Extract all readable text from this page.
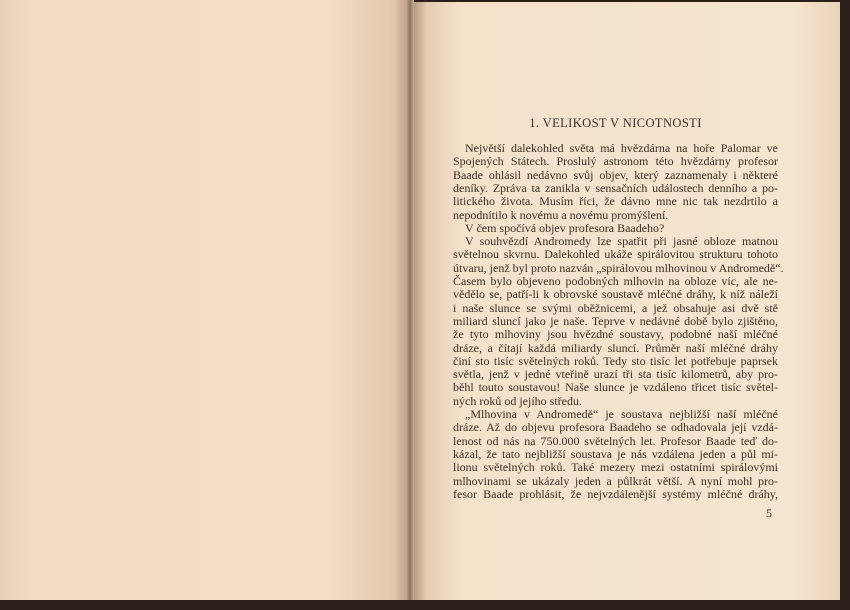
1. VELIKOST V NICOTNOSTI
Největší dalekohled světa má hvězdárna na hoře Palomar ve
Spojených Státech. Proslulý astronom této hvězdárny profesor
Baade ohlásil nedávno svůj objev, který zaznamenaly i některé
deníky. Zpráva ta zanikla v sensačních událostech denního a po-
litického života. Musím říci, že dávno mne nic tak nezdrtilo a
nepodnítilo k novému a novému promýšlení.
V čem spočívá objev profesora Baadeho?
V souhvězdí Andromedy lze spatřit při jasné obloze matnou
světelnou skvrnu. Dalekohled ukáže spirálovitou strukturu tohoto
útvaru, jenž byl proto nazván „spirálovou mlhovinou v Andromedě“.
Časem bylo objeveno podobných mlhovin na obloze víc, ale ne-
vědělo se, patří-li k obrovské soustavě mléčné dráhy, k níž náleží
i naše slunce se svými oběžnicemi, a jež obsahuje asi dvě stě
miliard sluncí jako je naše. Teprve v nedávné době bylo zjištěno,
že tyto mlhoviny jsou hvězdné soustavy, podobné naší mléčné
dráze, a čítají každá miliardy sluncí. Průměr naší mléčné dráhy
činí sto tisíc světelných roků. Tedy sto tisíc let potřebuje paprsek
světla, jenž v jedné vteřině urazí tři sta tisíc kilometrů, aby pro-
běhl touto soustavou! Naše slunce je vzdáleno třicet tisíc světel-
ných roků od jejího středu.
„Mlhovina v Andromedě“ je soustava nejbližší naší mléčné
dráze. Až do objevu profesora Baadeho se odhadovala její vzdá-
lenost od nás na 750.000 světelných let. Profesor Baade teď do-
kázal, že tato nejbližší soustava je nás vzdálena jeden a půl mi-
lionu světelných roků. Také mezery mezi ostatními spirálovými
mlhovinami se ukázaly jeden a půlkrát větší. A nyní mohl pro-
fesor Baade prohlásit, že nejvzdálenější systémy mléčné dráhy,
5
